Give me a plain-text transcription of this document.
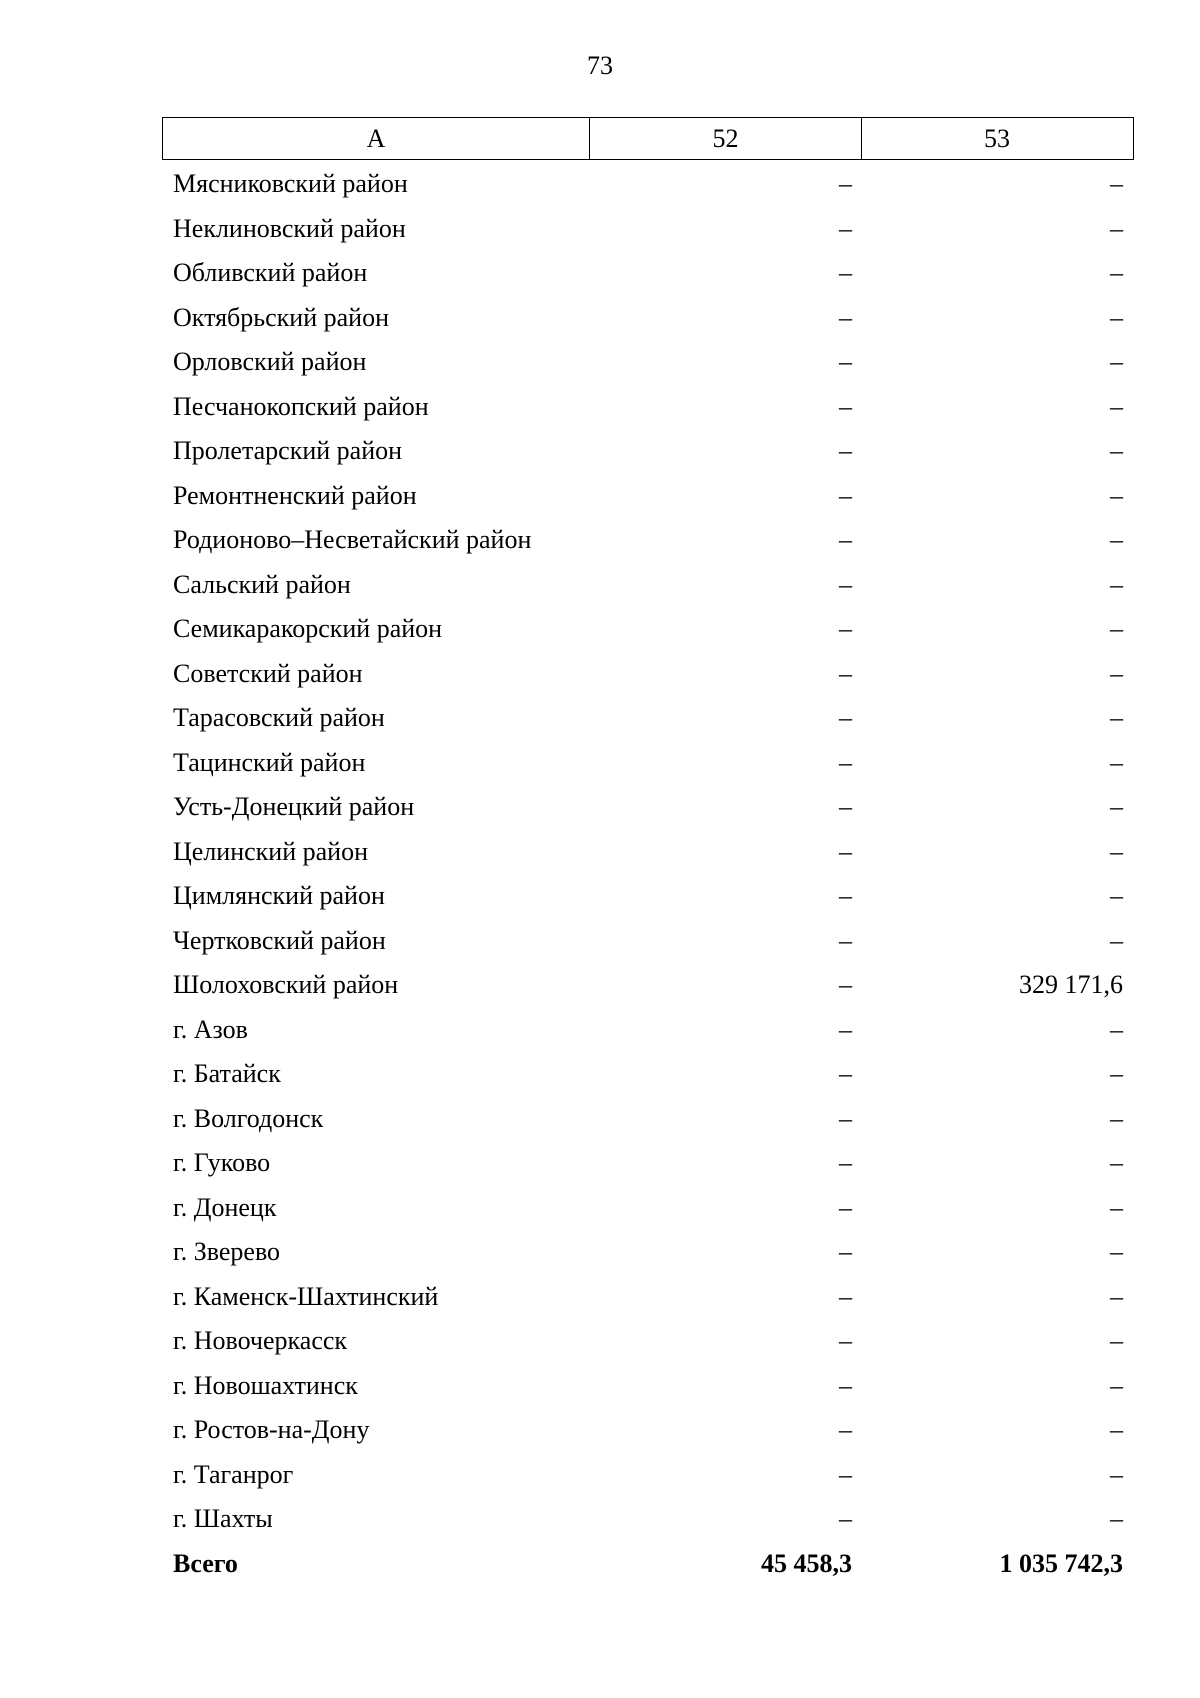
73
А	52	53
Мясниковский район	–	–
Неклиновский район	–	–
Обливский район	–	–
Октябрьский район	–	–
Орловский район	–	–
Песчанокопский район	–	–
Пролетарский район	–	–
Ремонтненский район	–	–
Родионово–Несветайский район	–	–
Сальский район	–	–
Семикаракорский район	–	–
Советский район	–	–
Тарасовский район	–	–
Тацинский район	–	–
Усть-Донецкий район	–	–
Целинский район	–	–
Цимлянский район	–	–
Чертковский район	–	–
Шолоховский район	–	329 171,6
г. Азов	–	–
г. Батайск	–	–
г. Волгодонск	–	–
г. Гуково	–	–
г. Донецк	–	–
г. Зверево	–	–
г. Каменск-Шахтинский	–	–
г. Новочеркасск	–	–
г. Новошахтинск	–	–
г. Ростов-на-Дону	–	–
г. Таганрог	–	–
г. Шахты	–	–
Всего	45 458,3	1 035 742,3
